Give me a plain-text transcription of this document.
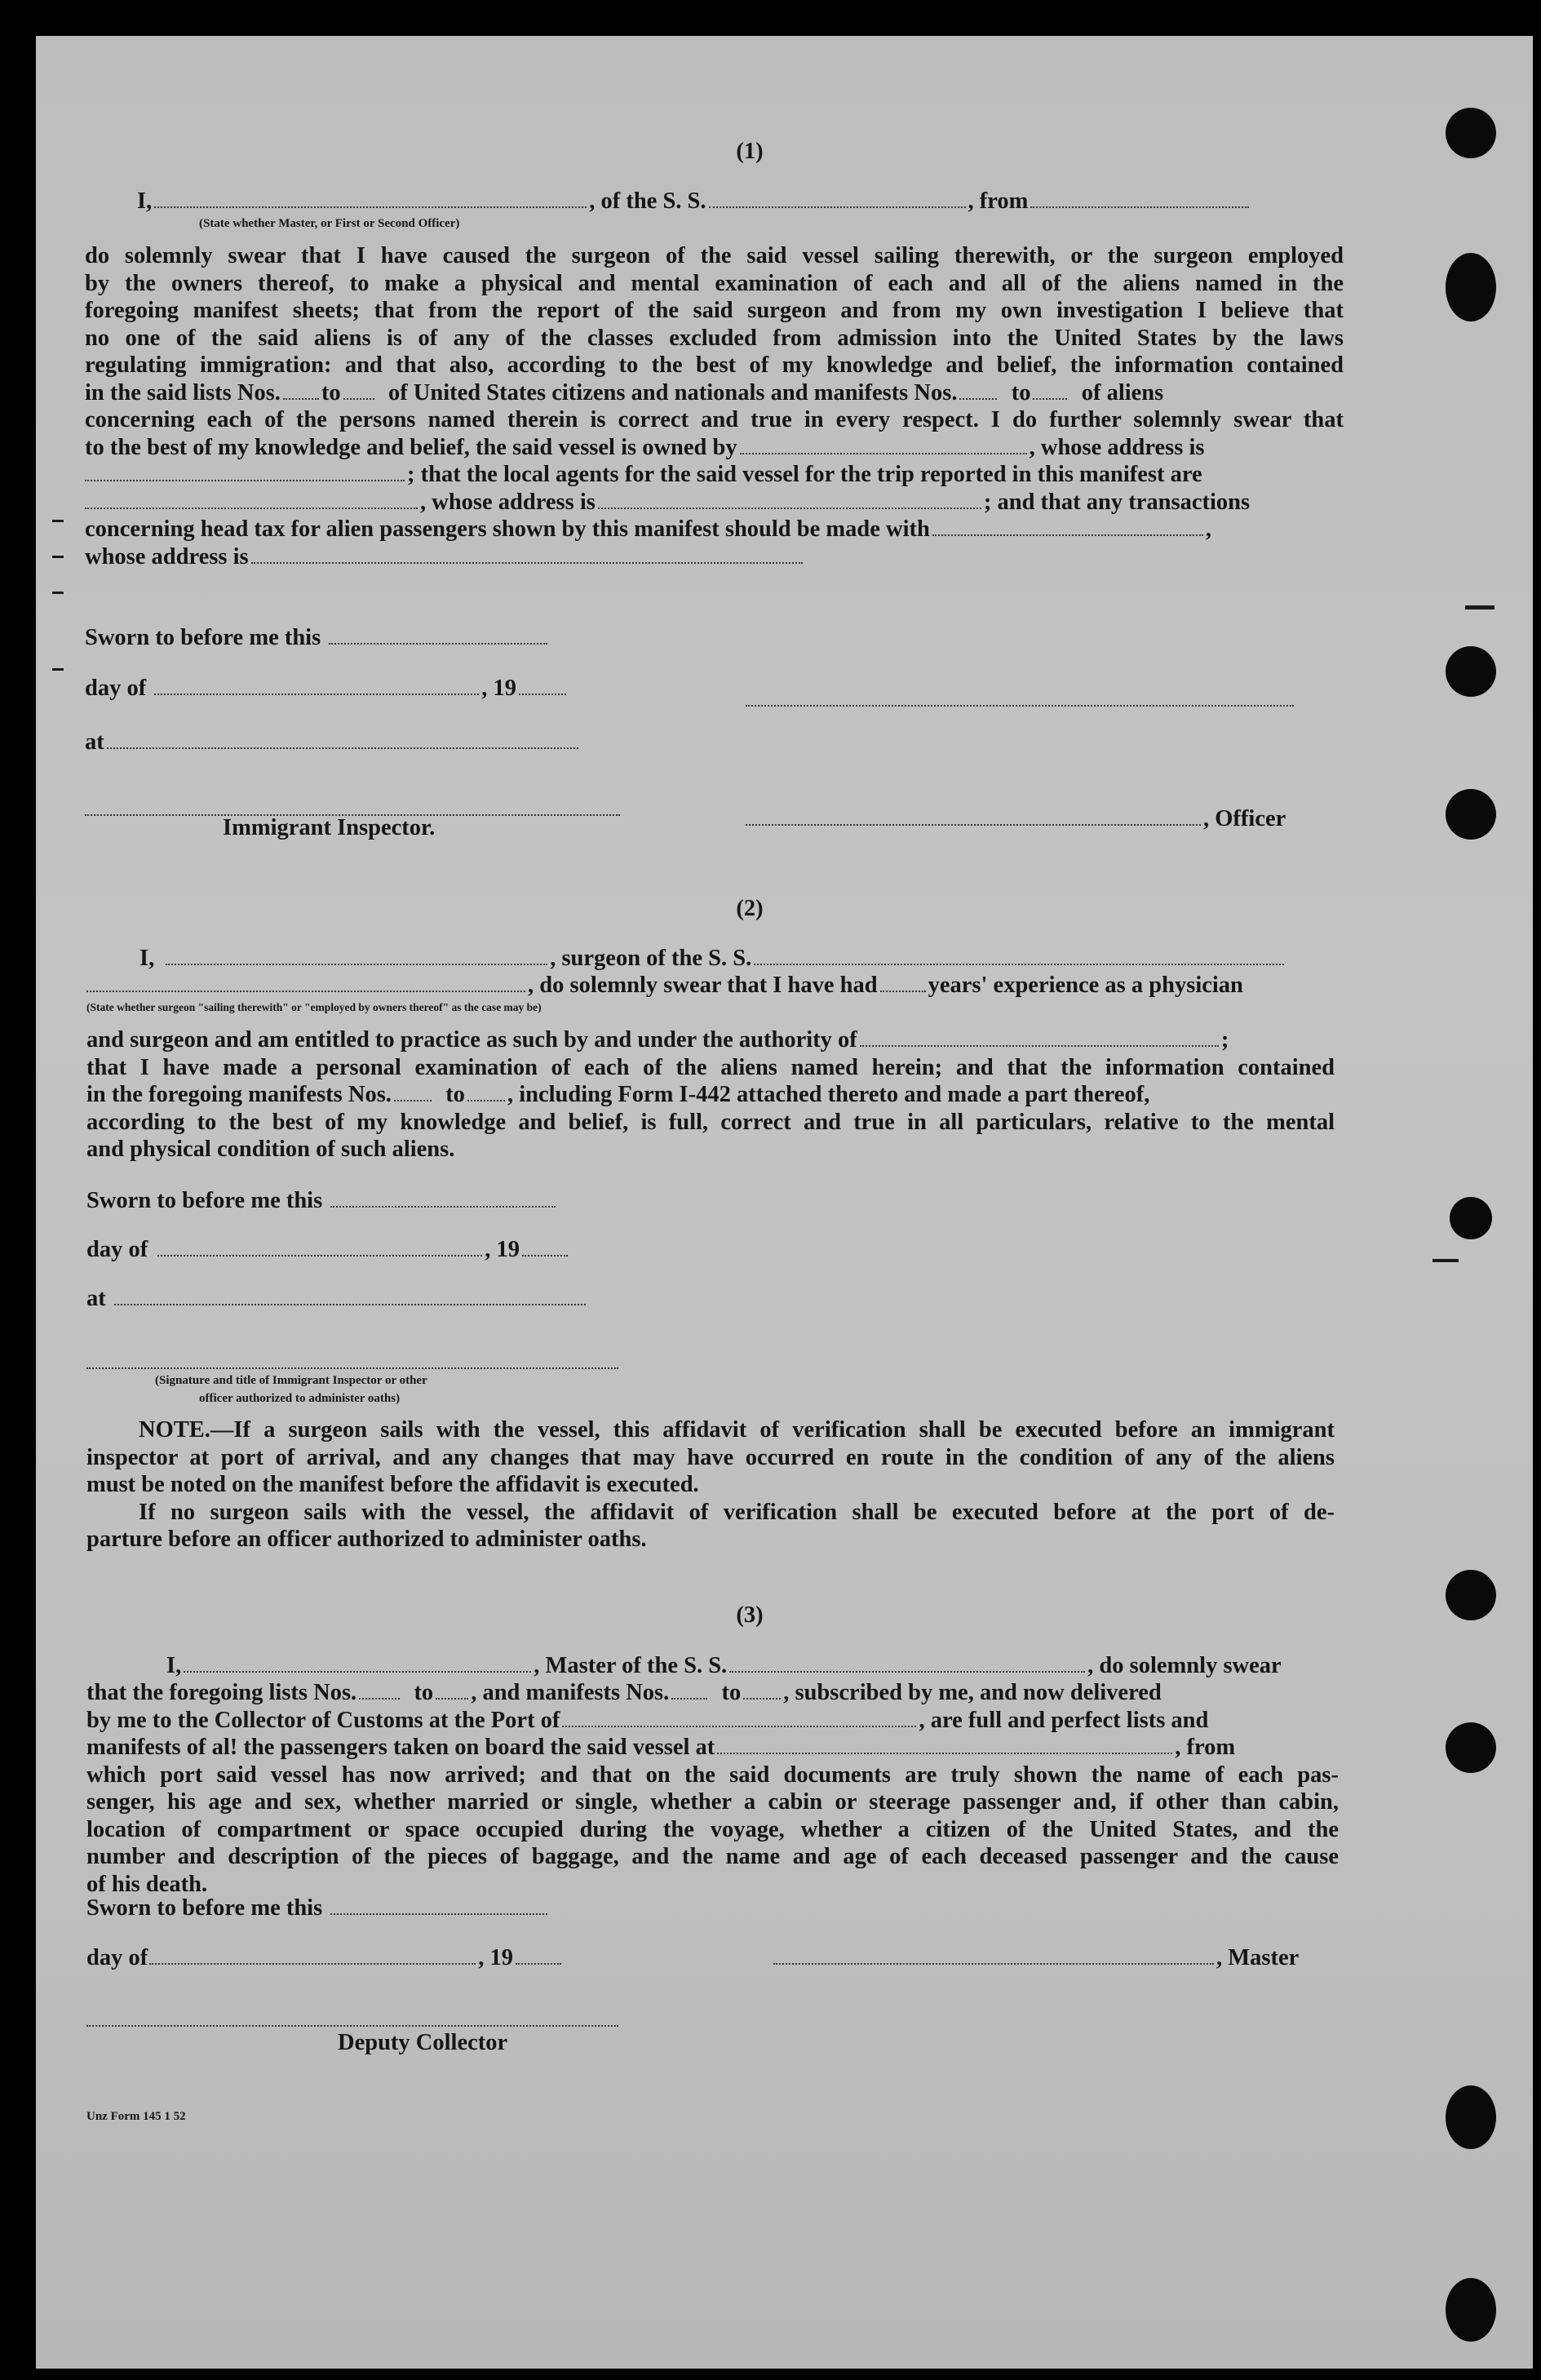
(1)
I,	, of the S. S.	, from
(State whether Master, or First or Second Officer)
do solemnly swear that I have caused the surgeon of the said vessel sailing therewith, or the surgeon employed
by the owners thereof, to make a physical and mental examination of each and all of the aliens named in the
foregoing manifest sheets; that from the report of the said surgeon and from my own investigation I believe that
no one of the said aliens is of any of the classes excluded from admission into the United States by the laws
regulating immigration: and that also, according to the best of my knowledge and belief, the information contained
in the said lists Nos. to of United States citizens and nationals and manifests Nos. to of aliens
concerning each of the persons named therein is correct and true in every respect. I do further solemnly swear that
to the best of my knowledge and belief, the said vessel is owned by	, whose address is
; that the local agents for the said vessel for the trip reported in this manifest are
, whose address is	; and that any transactions
concerning head tax for alien passengers shown by this manifest should be made with	,
whose address is
Sworn to before me this
day of	, 19
at
Immigrant Inspector.	, Officer
(2)
I,	, surgeon of the S. S.
, do solemnly swear that I have had years' experience as a physician
(State whether surgeon "sailing therewith" or "employed by owners thereof" as the case may be)
and surgeon and am entitled to practice as such by and under the authority of	;
that I have made a personal examination of each of the aliens named herein; and that the information contained
in the foregoing manifests Nos. to , including Form I-442 attached thereto and made a part thereof,
according to the best of my knowledge and belief, is full, correct and true in all particulars, relative to the mental
and physical condition of such aliens.
Sworn to before me this
day of	, 19
at
(Signature and title of Immigrant Inspector or other
officer authorized to administer oaths)
NOTE.—If a surgeon sails with the vessel, this affidavit of verification shall be executed before an immigrant
inspector at port of arrival, and any changes that may have occurred en route in the condition of any of the aliens
must be noted on the manifest before the affidavit is executed.
If no surgeon sails with the vessel, the affidavit of verification shall be executed before at the port of de-
parture before an officer authorized to administer oaths.
(3)
I,	, Master of the S. S.	, do solemnly swear
that the foregoing lists Nos. to , and manifests Nos. to , subscribed by me, and now delivered
by me to the Collector of Customs at the Port of	, are full and perfect lists and
manifests of al! the passengers taken on board the said vessel at	, from
which port said vessel has now arrived; and that on the said documents are truly shown the name of each pas-
senger, his age and sex, whether married or single, whether a cabin or steerage passenger and, if other than cabin,
location of compartment or space occupied during the voyage, whether a citizen of the United States, and the
number and description of the pieces of baggage, and the name and age of each deceased passenger and the cause
of his death.
Sworn to before me this
day of	, 19	, Master
Deputy Collector
Unz Form 145 1 52
